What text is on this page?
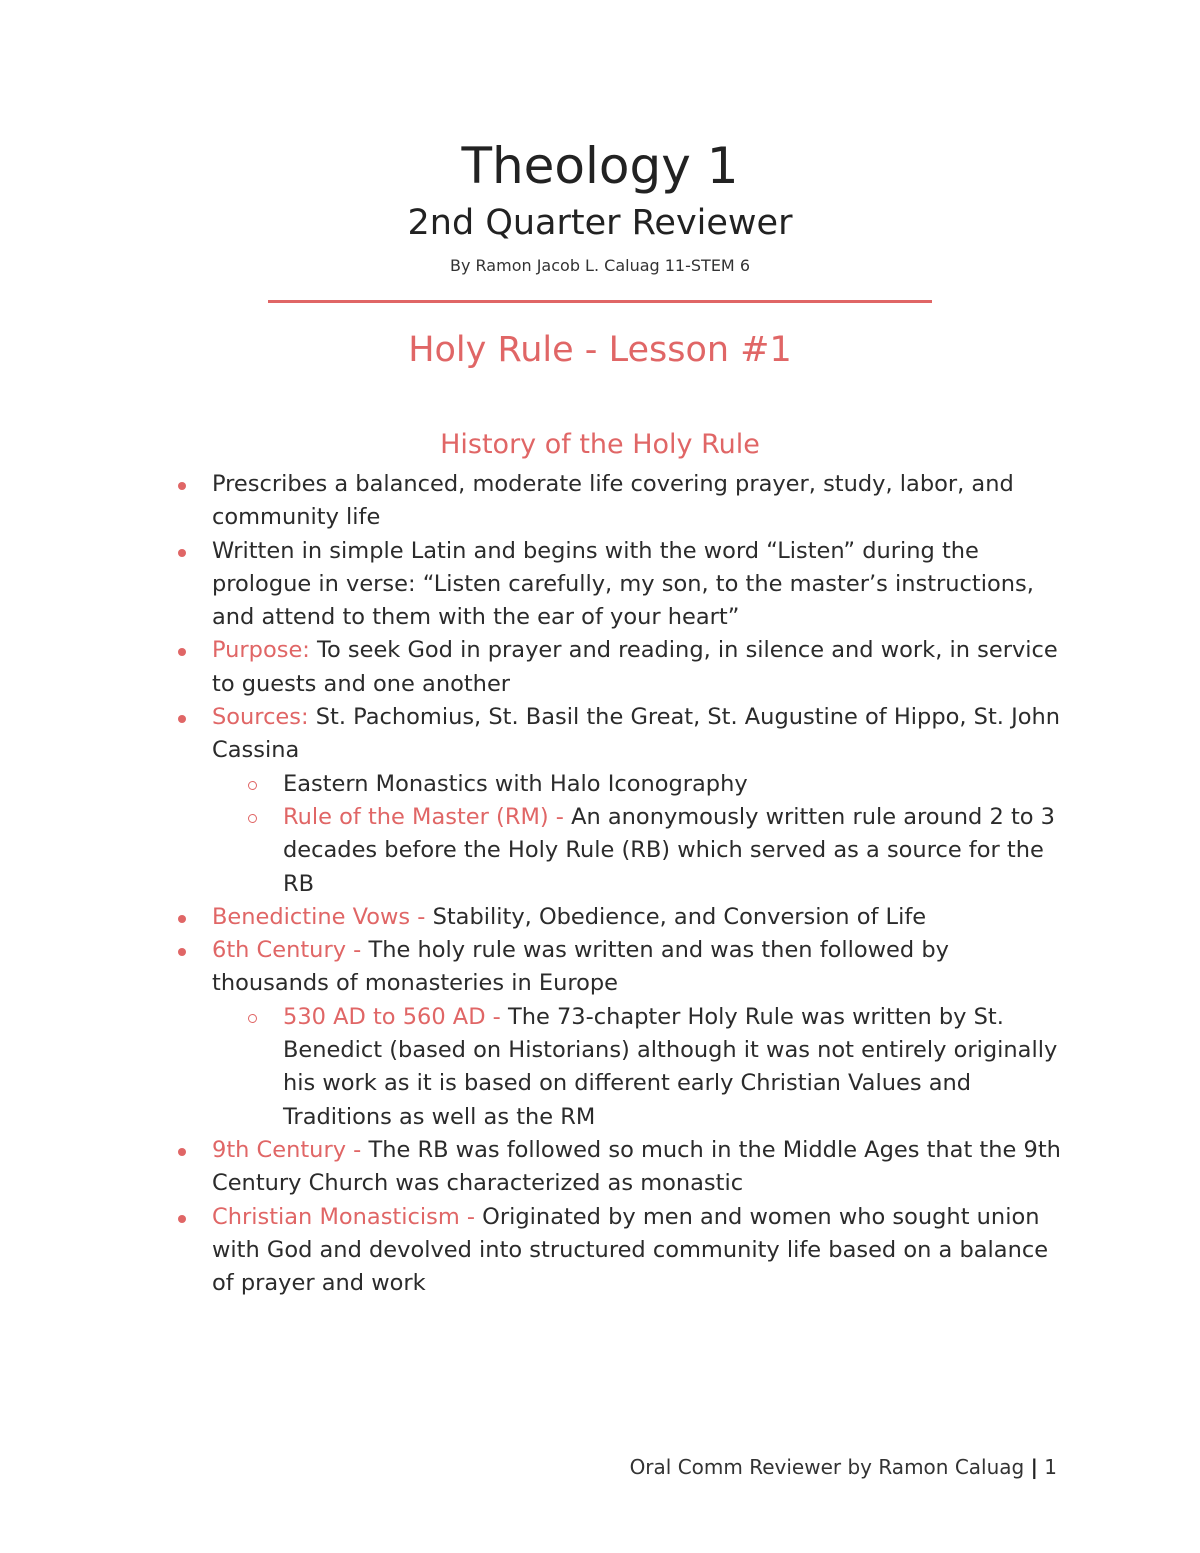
Theology 1
2nd Quarter Reviewer
By Ramon Jacob L. Caluag 11-STEM 6
Holy Rule - Lesson #1
History of the Holy Rule
Prescribes a balanced, moderate life covering prayer, study, labor, and community life
Written in simple Latin and begins with the word “Listen” during the prologue in verse: “Listen carefully, my son, to the master’s instructions, and attend to them with the ear of your heart”
Purpose: To seek God in prayer and reading, in silence and work, in service to guests and one another
Sources: St. Pachomius, St. Basil the Great, St. Augustine of Hippo, St. John Cassina
Eastern Monastics with Halo Iconography
Rule of the Master (RM) - An anonymously written rule around 2 to 3 decades before the Holy Rule (RB) which served as a source for the RB
Benedictine Vows - Stability, Obedience, and Conversion of Life
6th Century - The holy rule was written and was then followed by thousands of monasteries in Europe
530 AD to 560 AD - The 73-chapter Holy Rule was written by St. Benedict (based on Historians) although it was not entirely originally his work as it is based on different early Christian Values and Traditions as well as the RM
9th Century - The RB was followed so much in the Middle Ages that the 9th Century Church was characterized as monastic
Christian Monasticism - Originated by men and women who sought union with God and devolved into structured community life based on a balance of prayer and work
Oral Comm Reviewer by Ramon Caluag | 1
